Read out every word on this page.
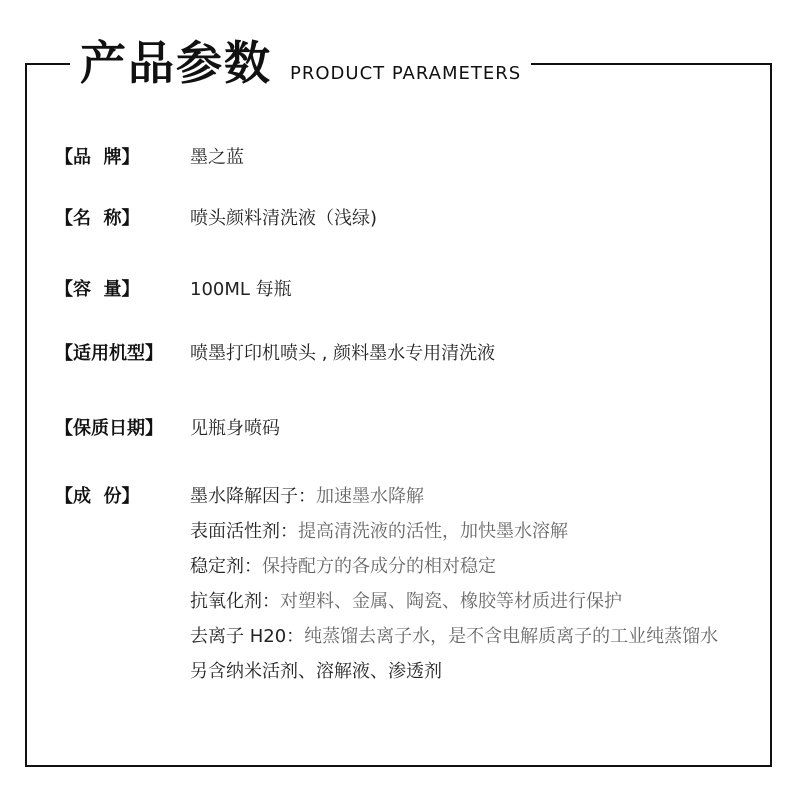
产品参数 PRODUCT PARAMETERS
【品  牌】	墨之蓝
【名  称】	喷头颜料清洗液（浅绿)
【容  量】	100ML 每瓶
【适用机型】	喷墨打印机喷头 , 颜料墨水专用清洗液
【保质日期】	见瓶身喷码
【成  份】	墨水降解因子：加速墨水降解
表面活性剂：提高清洗液的活性，加快墨水溶解
稳定剂：保持配方的各成分的相对稳定
抗氧化剂：对塑料、金属、陶瓷、橡胶等材质进行保护
去离子 H20：纯蒸馏去离子水，是不含电解质离子的工业纯蒸馏水
另含纳米活剂、溶解液、渗透剂
